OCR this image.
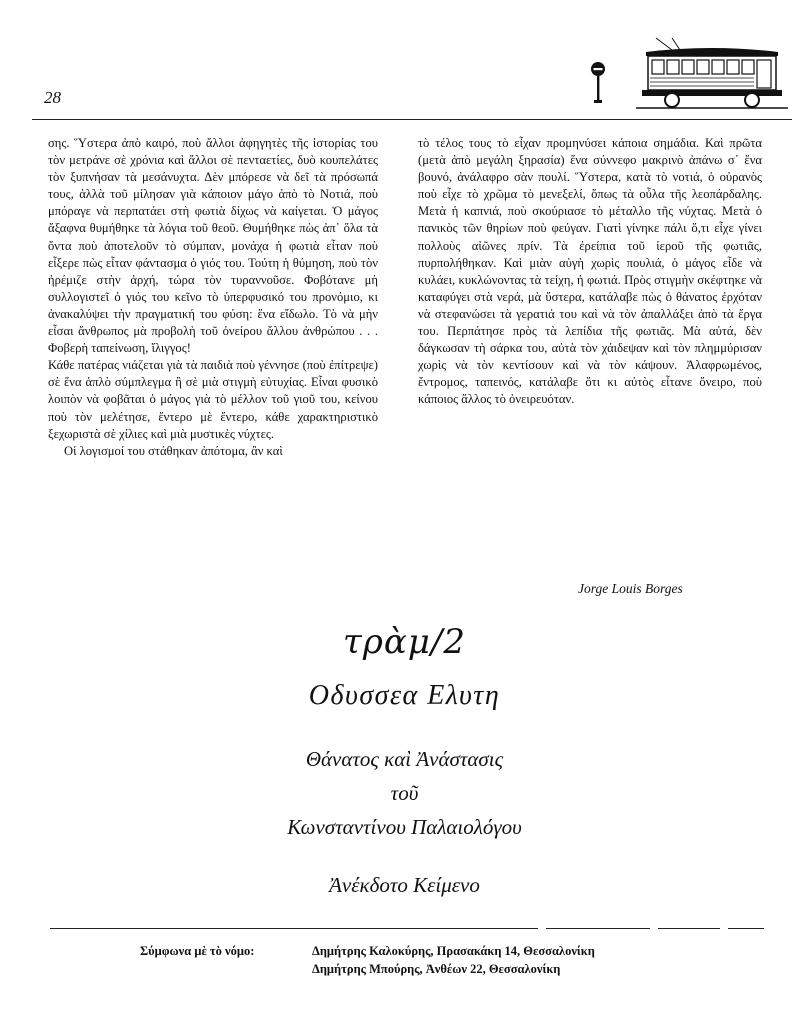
28

σης. Ὕστερα ἀπὸ καιρό, ποὺ ἄλλοι ἀφηγητὲς τῆς ἱστορίας του τὸν μετράνε σὲ χρόνια καὶ ἄλλοι σὲ πενταετίες, δυὸ κουπελάτες τὸν ξυπνήσαν τὰ μεσάνυχτα. Δὲν μπόρεσε νὰ δεῖ τὰ πρόσωπά τους, ἀλλὰ τοῦ μίλησαν γιὰ κάποιον μάγο ἀπὸ τὸ Νοτιά, ποὺ μπόραγε νὰ περπατάει στὴ φωτιὰ δίχως νὰ καίγεται. Ὁ μάγος ἄξαφνα θυμήθηκε τὰ λόγια τοῦ θεοῦ. Θυμήθηκε πὼς ἀπ᾽ ὅλα τὰ ὄντα ποὺ ἀποτελοῦν τὸ σύμπαν, μονάχα ἡ φωτιὰ εἶταν ποὺ εἶξερε πὼς εἶταν φάντασμα ὁ γιός του. Τούτη ἡ θύμηση, ποὺ τὸν ἠρέμιζε στὴν ἀρχή, τώρα τὸν τυραννοῦσε. Φοβότανε μὴ συλλογιστεῖ ὁ γιός του κεῖνο τὸ ὑπερφυσικό του προνόμιο, κι ἀνακαλύψει τὴν πραγματική του φύση: ἕνα εἴδωλο. Τὸ νὰ μὴν εἶσαι ἄνθρωπος μὰ προβολὴ τοῦ ὀνείρου ἄλλου ἀνθρώπου . . . Φοβερὴ ταπείνωση, ἴλιγγος!

Κάθε πατέρας νιάζεται γιὰ τὰ παιδιὰ ποὺ γέννησε (ποὺ ἐπίτρεψε) σὲ ἕνα ἁπλὸ σύμπλεγμα ἢ σὲ μιὰ στιγμὴ εὐτυχίας. Εἶναι φυσικὸ λοιπὸν νὰ φοβᾶται ὁ μάγος γιὰ τὸ μέλλον τοῦ γιοῦ του, κείνου ποὺ τὸν μελέτησε, ἔντερο μὲ ἔντερο, κάθε χαρακτηριστικὸ ξεχωριστὰ σὲ χίλιες καὶ μιὰ μυστικὲς νύχτες.

Οἱ λογισμοί του στάθηκαν ἀπότομα, ἂν καὶ

τὸ τέλος τους τὸ εἶχαν προμηνύσει κάποια σημάδια. Καὶ πρῶτα (μετὰ ἀπὸ μεγάλη ξηρασία) ἕνα σύννεφο μακρινὸ ἀπάνω σ᾽ ἕνα βουνό, ἀνάλαφρο σὰν πουλί. Ὕστερα, κατὰ τὸ νοτιά, ὁ οὐρανὸς ποὺ εἶχε τὸ χρῶμα τὸ μενεξελί, ὅπως τὰ οὖλα τῆς λεοπάρδαλης. Μετὰ ἡ καπνιά, ποὺ σκούριασε τὸ μέταλλο τῆς νύχτας. Μετὰ ὁ πανικὸς τῶν θηρίων ποὺ φεύγαν. Γιατὶ γίνηκε πάλι ὅ,τι εἶχε γίνει πολλοὺς αἰῶνες πρίν. Τὰ ἐρείπια τοῦ ἱεροῦ τῆς φωτιᾶς, πυρπολήθηκαν. Καὶ μιὰν αὐγὴ χωρὶς πουλιά, ὁ μάγος εἶδε νὰ κυλάει, κυκλώνοντας τὰ τείχη, ἡ φωτιά. Πρὸς στιγμὴν σκέφτηκε νὰ καταφύγει στὰ νερά, μὰ ὕστερα, κατάλαβε πὼς ὁ θάνατος ἐρχόταν νὰ στεφανώσει τὰ γερατιά του καὶ νὰ τὸν ἀπαλλάξει ἀπὸ τὰ ἔργα του. Περπάτησε πρὸς τὰ λεπίδια τῆς φωτιᾶς. Μὰ αὐτά, δὲν δάγκωσαν τὴ σάρκα του, αὐτὰ τὸν χάιδεψαν καὶ τὸν πλημμύρισαν χωρὶς νὰ τὸν κεντίσουν καὶ νὰ τὸν κάψουν. Ἀλαφρωμένος, ἔντρομος, ταπεινός, κατάλαβε ὅτι κι αὐτὸς εἶτανε ὄνειρο, ποὺ κάποιος ἄλλος τὸ ὀνειρευόταν.

Jorge Louis Borges
τρὰμ/2
Οδυσσεα Ελυτη
Θάνατος καὶ Ἀνάστασις
τοῦ
Κωνσταντίνου Παλαιολόγου
Ἀνέκδοτο Κείμενο
Σύμφωνα μὲ τὸ νόμο:	Δημήτρης Καλοκύρης, Πρασακάκη 14, Θεσσαλονίκη
Δημήτρης Μπούρης, Ἀνθέων 22, Θεσσαλονίκη
